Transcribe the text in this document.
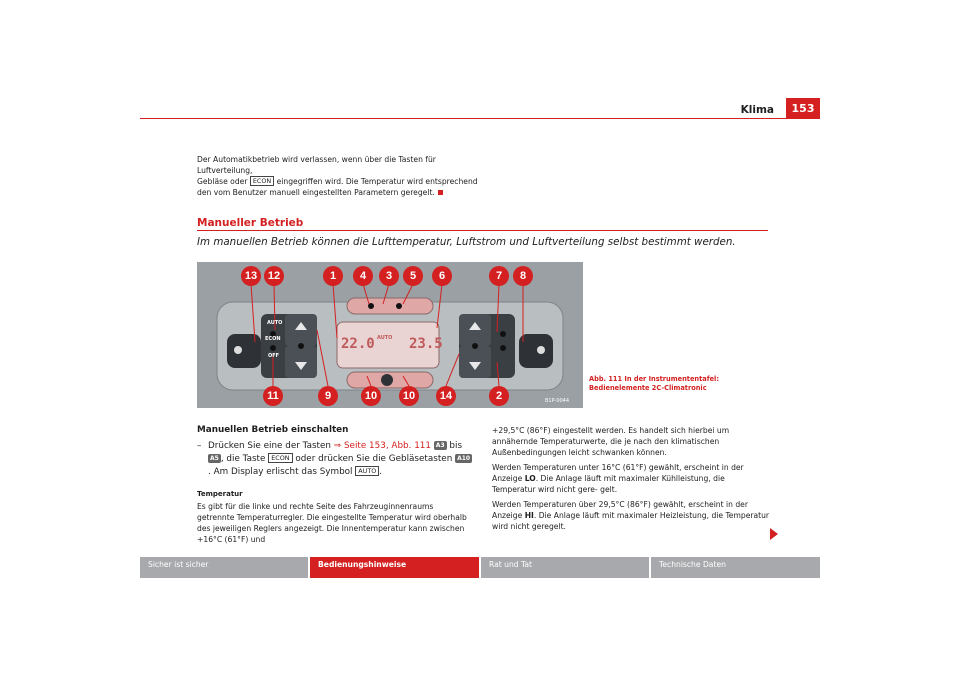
Klima	153
Der Automatikbetrieb wird verlassen, wenn über die Tasten für Luftverteilung,
Gebläse oder ECON eingegriffen wird. Die Temperatur wird entsprechend
den vom Benutzer manuell eingestellten Parametern geregelt.
Manueller Betrieb
Im manuellen Betrieb können die Lufttemperatur, Luftstrom und Luftverteilung selbst bestimmt werden.
AUTO
ECON
OFF
22.0 23.5
AUTO
B1P-0044
13 12	1	4	3	5	6	7	8
11	9	10	10	14	2
Abb. 111 In der Instrumententafel: Bedienelemente 2C-Climatronic
Manuellen Betrieb einschalten
– Drücken Sie eine der Tasten ⇒ Seite 153, Abb. 111 A3 bis A5 , die Taste ECON oder drücken Sie die Gebläsetasten A10. Am Display erlischt das Symbol AUTO .
Temperatur
Es gibt für die linke und rechte Seite des Fahrzeuginnenraums getrennte Temperaturregler. Die eingestellte Temperatur wird oberhalb des jeweiligen Reglers angezeigt. Die Innentemperatur kann zwischen +16°C (61°F) und

+29,5°C (86°F) eingestellt werden. Es handelt sich hierbei um annähernde Temperaturwerte, die je nach den klimatischen Außenbedingungen leicht schwanken können.

Werden Temperaturen unter 16°C (61°F) gewählt, erscheint in der Anzeige LO. Die Anlage läuft mit maximaler Kühlleistung, die Temperatur wird nicht gere- gelt.

Werden Temperaturen über 29,5°C (86°F) gewählt, erscheint in der Anzeige HI. Die Anlage läuft mit maximaler Heizleistung, die Temperatur wird nicht geregelt.

Sicher ist sicher	Bedienungshinweise	Rat und Tat	Technische Daten
